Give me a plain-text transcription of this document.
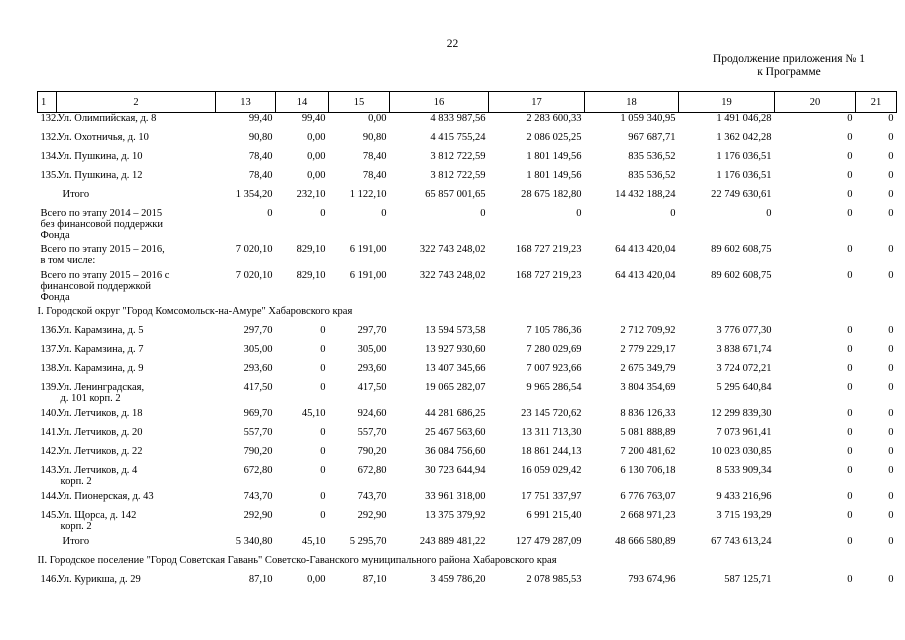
22
Продолжение приложения № 1
к Программе
1	2	13	14	15	16	17	18	19	20	21
132.Ул. Олимпийская, д. 8		99,40	99,40	0,00	4 833 987,56	2 283 600,33	1 059 340,95	1 491 046,28	0	0
132.Ул. Охотничья, д. 10		90,80	0,00	90,80	4 415 755,24	2 086 025,25	967 687,71	1 362 042,28	0	0
134.Ул. Пушкина, д. 10		78,40	0,00	78,40	3 812 722,59	1 801 149,56	835 536,52	1 176 036,51	0	0
135.Ул. Пушкина, д. 12		78,40	0,00	78,40	3 812 722,59	1 801 149,56	835 536,52	1 176 036,51	0	0
Итого		1 354,20	232,10	1 122,10	65 857 001,65	28 675 182,80	14 432 188,24	22 749 630,61	0	0
Всего по этапу 2014 – 2015
без финансовой поддержки
Фонда		0	0	0	0	0	0	0	0	0
Всего по этапу 2015 – 2016,
в том числе:		7 020,10	829,10	6 191,00	322 743 248,02	168 727 219,23	64 413 420,04	89 602 608,75	0	0
Всего по этапу 2015 – 2016 с
финансовой поддержкой
Фонда		7 020,10	829,10	6 191,00	322 743 248,02	168 727 219,23	64 413 420,04	89 602 608,75	0	0
I. Городской округ "Город Комсомольск-на-Амуре" Хабаровского края										
136.Ул. Карамзина, д. 5		297,70	0	297,70	13 594 573,58	7 105 786,36	2 712 709,92	3 776 077,30	0	0
137.Ул. Карамзина, д. 7		305,00	0	305,00	13 927 930,60	7 280 029,69	2 779 229,17	3 838 671,74	0	0
138.Ул. Карамзина, д. 9		293,60	0	293,60	13 407 345,66	7 007 923,66	2 675 349,79	3 724 072,21	0	0
139.Ул. Ленинградская,

д. 101 корп. 2		417,50	0	417,50	19 065 282,07	9 965 286,54	3 804 354,69	5 295 640,84	0	0
140.Ул. Летчиков, д. 18		969,70	45,10	924,60	44 281 686,25	23 145 720,62	8 836 126,33	12 299 839,30	0	0
141.Ул. Летчиков, д. 20		557,70	0	557,70	25 467 563,60	13 311 713,30	5 081 888,89	7 073 961,41	0	0
142.Ул. Летчиков, д. 22		790,20	0	790,20	36 084 756,60	18 861 244,13	7 200 481,62	10 023 030,85	0	0
143.Ул. Летчиков, д. 4

корп. 2		672,80	0	672,80	30 723 644,94	16 059 029,42	6 130 706,18	8 533 909,34	0	0
144.Ул. Пионерская, д. 43		743,70	0	743,70	33 961 318,00	17 751 337,97	6 776 763,07	9 433 216,96	0	0
145.Ул. Щорса, д. 142

корп. 2		292,90	0	292,90	13 375 379,92	6 991 215,40	2 668 971,23	3 715 193,29	0	0
Итого		5 340,80	45,10	5 295,70	243 889 481,22	127 479 287,09	48 666 580,89	67 743 613,24	0	0
II. Городское поселение "Город Советская Гавань" Советско-Гаванского муниципального района Хабаровского края										
146.Ул. Курикша, д. 29		87,10	0,00	87,10	3 459 786,20	2 078 985,53	793 674,96	587 125,71	0	0
